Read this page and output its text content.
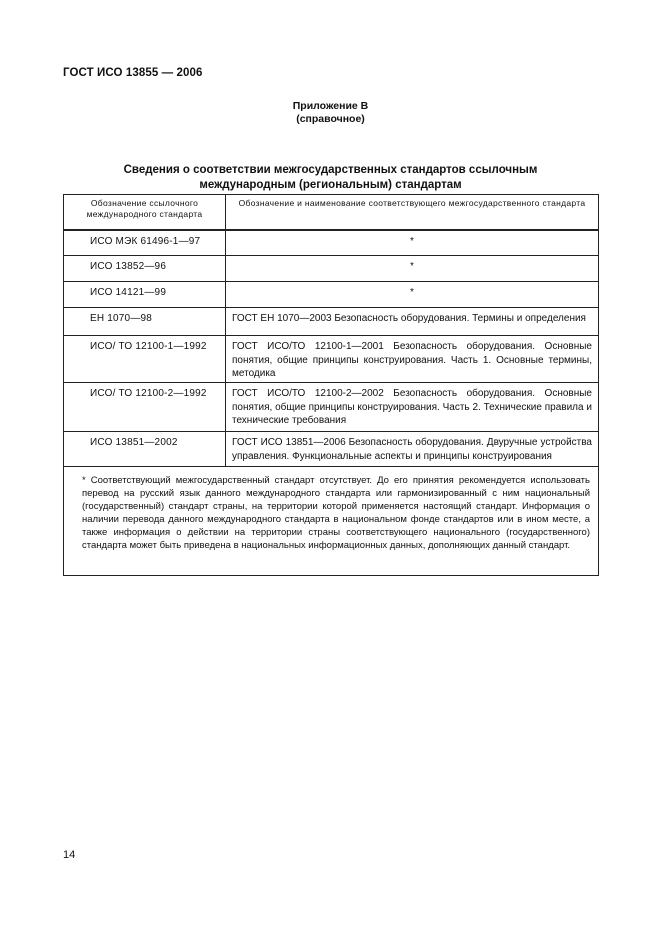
ГОСТ ИСО 13855 — 2006
Приложение В
(справочное)
Сведения о соответствии межгосударственных стандартов ссылочным
международным (региональным) стандартам
Обозначение ссылочного международного стандарта	Обозначение и наименование соответствующего межгосударственного стандарта
ИСО МЭК 61496-1—97	*
ИСО 13852—96	*
ИСО 14121—99	*
ЕН 1070—98	ГОСТ ЕН 1070—2003 Безопасность оборудования. Термины и определения
ИСО/ ТО 12100-1—1992	ГОСТ ИСО/ТО 12100-1—2001 Безопасность оборудования. Основные понятия, общие принципы конструирования. Часть 1. Основные термины, методика
ИСО/ ТО 12100-2—1992	ГОСТ ИСО/ТО 12100-2—2002 Безопасность оборудования. Основные понятия, общие принципы конструирования. Часть 2. Технические правила и технические требования
ИСО 13851—2002	ГОСТ ИСО 13851—2006 Безопасность оборудования. Двуручные устройства управления. Функциональные аспекты и принципы конструирования
* Соответствующий межгосударственный стандарт отсутствует. До его принятия рекомендуется использовать перевод на русский язык данного международного стандарта или гармонизированный с ним национальный (государственный) стандарт страны, на территории которой применяется настоящий стандарт. Информация о наличии перевода данного международного стандарта в национальном фонде стандартов или в ином месте, а также информация о действии на территории страны соответствующего национального (государственного) стандарта может быть приведена в национальных информационных данных, дополняющих данный стандарт.	
14
